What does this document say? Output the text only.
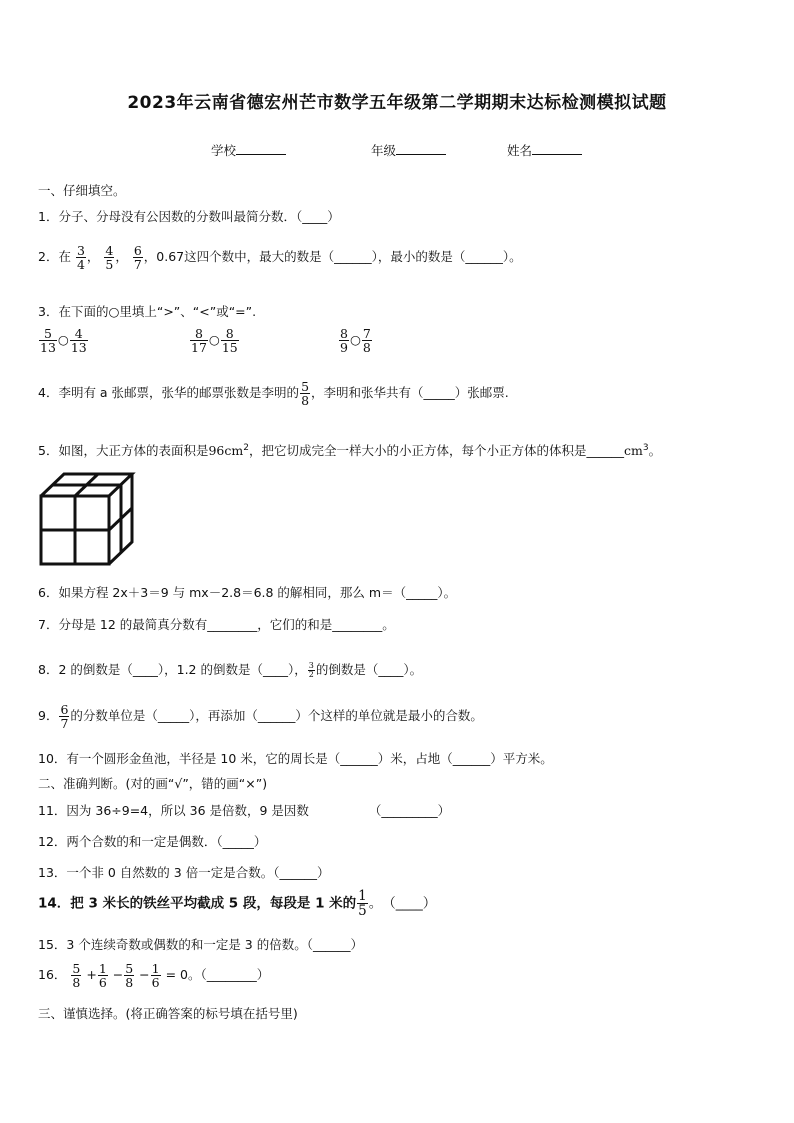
2023年云南省德宏州芒市数学五年级第二学期期末达标检测模拟试题
学校	年级	姓名
一、仔细填空。
1．分子、分母没有公因数的分数叫最简分数．（____）
2．在 $\frac{3}{4}$ ， $\frac{4}{5}$ ， $\frac{6}{7}$ ，0.67这四个数中，最大的数是（______），最小的数是（______）。
3．在下面的○里填上“>”、“<”或“=”.
$\frac{5}{13}$ ○ $\frac{4}{13}$	$\frac{8}{17}$ ○ $\frac{8}{15}$	$\frac{8}{9}$ ○ $\frac{7}{8}$
4．李明有 a 张邮票，张华的邮票张数是李明的 $\frac{5}{8}$ ，李明和张华共有（_____）张邮票.
5．如图，大正方体的表面积是$96cm^2$，把它切成完全一样大小的小正方体，每个小正方体的体积是$\_\_\_\_\_\_cm^3$。
6．如果方程 2x＋3＝9 与 mx－2.8＝6.8 的解相同，那么 m＝（_____）。
7．分母是 12 的最简真分数有________，它们的和是________。
8．2 的倒数是（____），1.2 的倒数是（____）， $\frac{3}{2}$ 的倒数是（____）。
9． $\frac{6}{7}$ 的分数单位是（_____），再添加（______）个这样的单位就是最小的合数。
10．有一个圆形金鱼池，半径是 10 米，它的周长是（______）米，占地（______）平方米。
二、准确判断。(对的画“√”，错的画“×”)
11．因为 36÷9=4，所以 36 是倍数，9 是因数	（_________）
12．两个合数的和一定是偶数．（_____）
13．一个非 0 自然数的 3 倍一定是合数。（______）
14．把 3 米长的铁丝平均截成 5 段，每段是 1 米的 $\frac{1}{5}$ 。　（____）
15．3 个连续奇数或偶数的和一定是 3 的倍数。（______）
16． $\frac{5}{8} + \frac{1}{6} - \frac{5}{8} - \frac{1}{6} = 0$。（________）
三、谨慎选择。(将正确答案的标号填在括号里)
